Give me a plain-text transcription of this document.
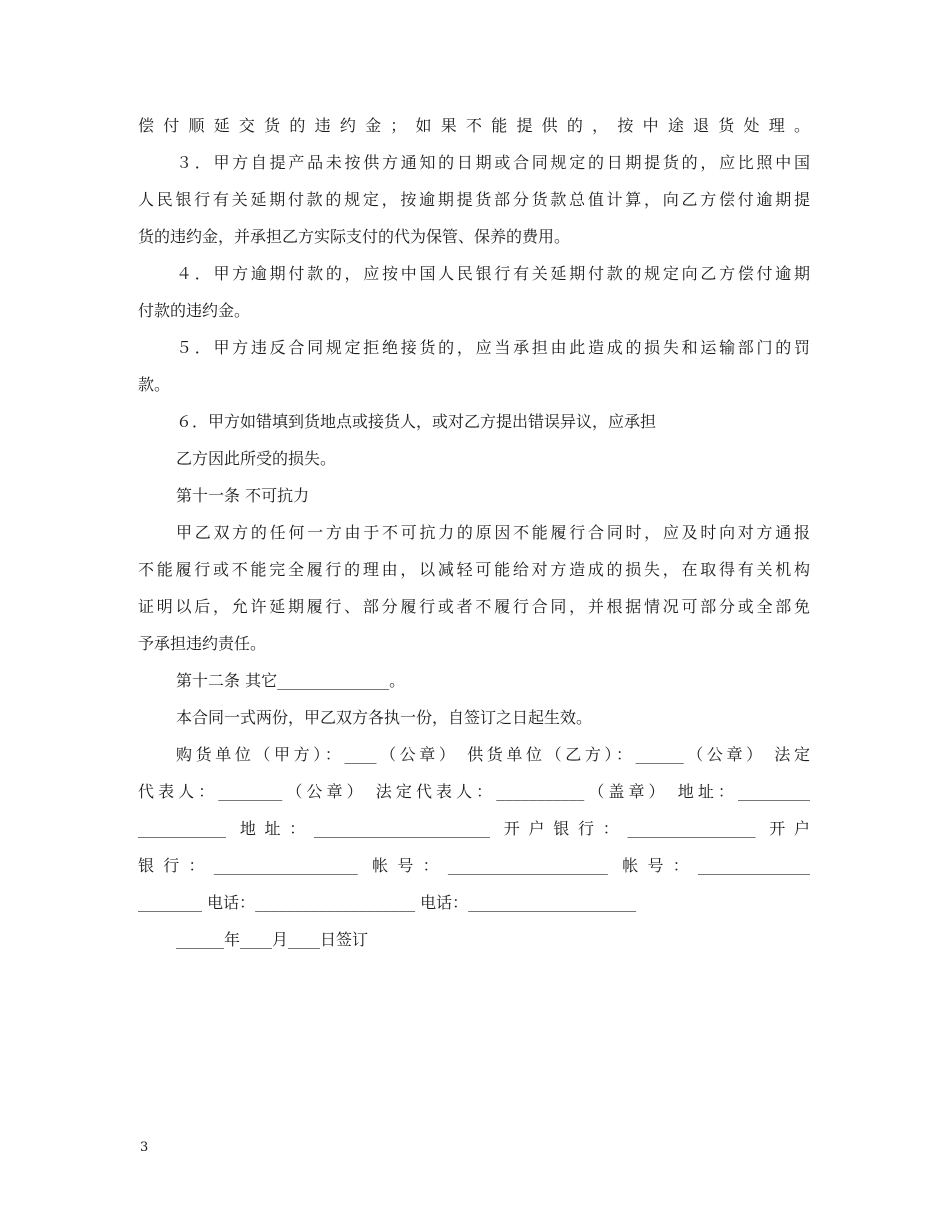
偿付顺延交货的违约金；如果不能提供的，按中途退货处理。
３．甲方自提产品未按供方通知的日期或合同规定的日期提货的，应比照中国
人民银行有关延期付款的规定，按逾期提货部分货款总值计算，向乙方偿付逾期提
货的违约金，并承担乙方实际支付的代为保管、保养的费用。
４．甲方逾期付款的，应按中国人民银行有关延期付款的规定向乙方偿付逾期
付款的违约金。
５．甲方违反合同规定拒绝接货的，应当承担由此造成的损失和运输部门的罚
款。
６．甲方如错填到货地点或接货人，或对乙方提出错误异议，应承担
乙方因此所受的损失。
第十一条 不可抗力
甲乙双方的任何一方由于不可抗力的原因不能履行合同时，应及时向对方通报
不能履行或不能完全履行的理由，以减轻可能给对方造成的损失，在取得有关机构
证明以后，允许延期履行、部分履行或者不履行合同，并根据情况可部分或全部免
予承担违约责任。
第十二条 其它______________。
本合同一式两份，甲乙双方各执一份，自签订之日起生效。
购货单位（甲方）：____（公章） 供货单位（乙方）：______（公章） 法定
代表人：________（公章） 法定代表人：___________（盖章） 地址：_________
___________ 地址：______________________ 开户银行：________________ 开户
银行：__________________ 帐号：____________________ 帐号：______________
________ 电话：____________________ 电话：_____________________
______年____月____日签订
3
